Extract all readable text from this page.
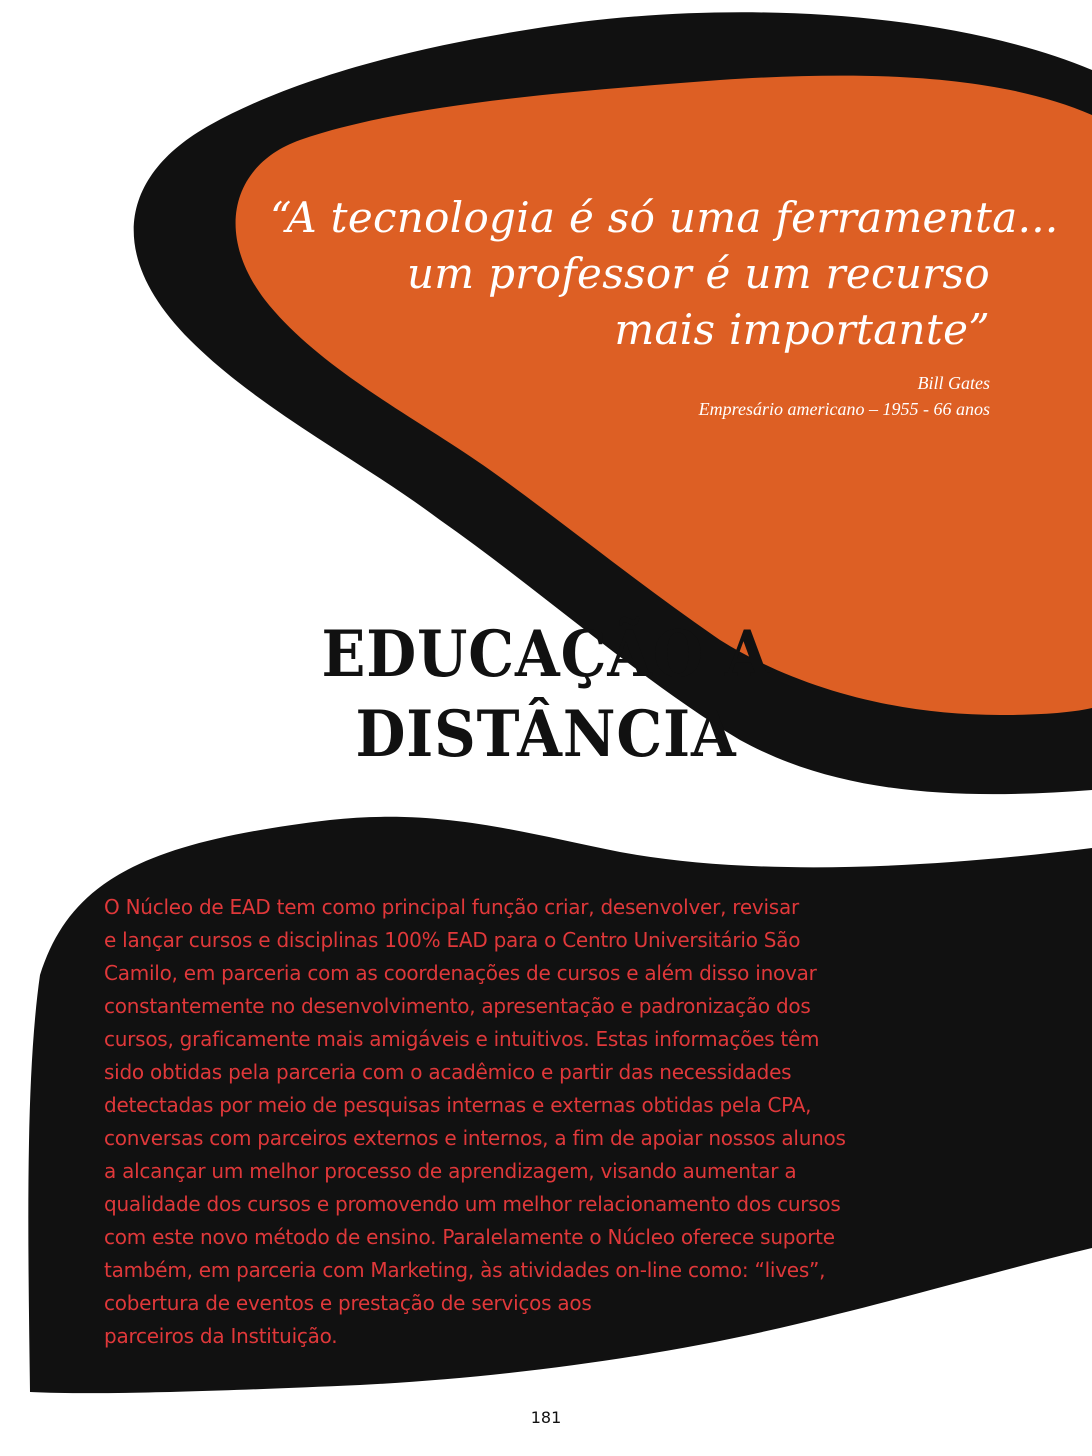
“A tecnologia é só uma ferramenta...
um professor é um recurso
mais importante”
Bill Gates
Empresário americano – 1955 - 66 anos
EDUCAÇÃO A
DISTÂNCIA
O Núcleo de EAD tem como principal função criar, desenvolver, revisar
e lançar cursos e disciplinas 100% EAD para o Centro Universitário São
Camilo, em parceria com as coordenações de cursos e além disso inovar
constantemente no desenvolvimento, apresentação e padronização dos
cursos, graficamente mais amigáveis e intuitivos. Estas informações têm
sido obtidas pela parceria com o acadêmico e partir das necessidades
detectadas por meio de pesquisas internas e externas obtidas pela CPA,
conversas com parceiros externos e internos, a fim de apoiar nossos alunos
a alcançar um melhor processo de aprendizagem, visando aumentar a
qualidade dos cursos e promovendo um melhor relacionamento dos cursos
com este novo método de ensino. Paralelamente o Núcleo oferece suporte
também, em parceria com Marketing, às atividades on-line como: “lives”,
cobertura de eventos e prestação de serviços aos
parceiros da Instituição.
181
